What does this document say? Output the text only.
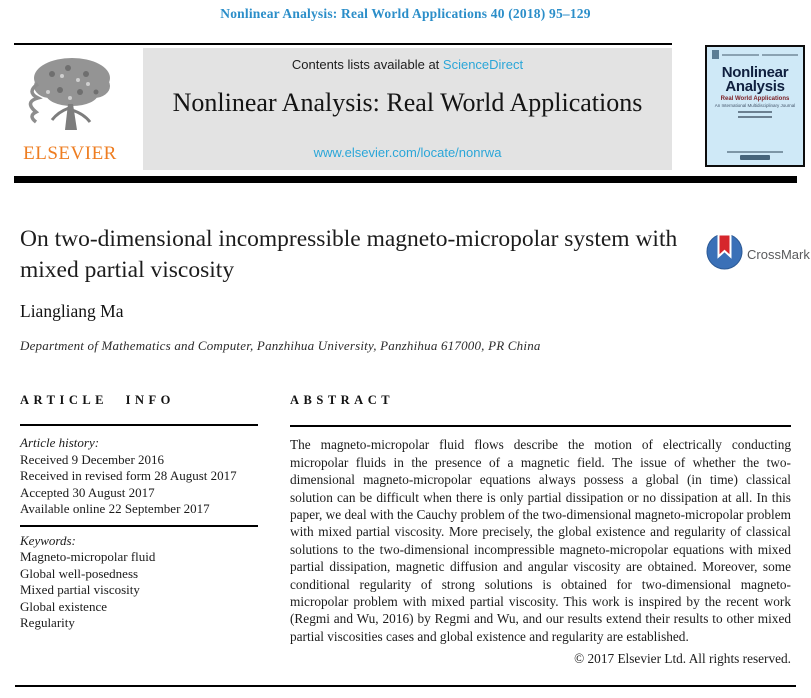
Nonlinear Analysis: Real World Applications 40 (2018) 95–129
ELSEVIER
Contents lists available at ScienceDirect
Nonlinear Analysis: Real World Applications
www.elsevier.com/locate/nonrwa
Nonlinear
Analysis
Real World Applications
An International Multidisciplinary Journal
On two-dimensional incompressible magneto-micropolar system with mixed partial viscosity
CrossMark
Liangliang Ma
Department of Mathematics and Computer, Panzhihua University, Panzhihua 617000, PR China
ARTICLE INFO
Article history:
Received 9 December 2016
Received in revised form 28 August 2017
Accepted 30 August 2017
Available online 22 September 2017
Keywords:
Magneto-micropolar fluid
Global well-posedness
Mixed partial viscosity
Global existence
Regularity
ABSTRACT
The magneto-micropolar fluid flows describe the motion of electrically conducting micropolar fluids in the presence of a magnetic field. The issue of whether the two-dimensional magneto-micropolar equations always possess a global (in time) classical solution can be difficult when there is only partial dissipation or no dissipation at all. In this paper, we deal with the Cauchy problem of the two-dimensional magneto-micropolar problem with mixed partial viscosity. More precisely, the global existence and regularity of classical solutions to the two-dimensional incompressible magneto-micropolar equations with mixed partial dissipation, magnetic diffusion and angular viscosity are obtained. Moreover, some conditional regularity of strong solutions is obtained for two-dimensional magneto-micropolar problem with mixed partial viscosity. This work is inspired by the recent work (Regmi and Wu, 2016) by Regmi and Wu, and our results extend their results to other mixed partial viscosities cases and global existence and regularity are established.
© 2017 Elsevier Ltd. All rights reserved.
